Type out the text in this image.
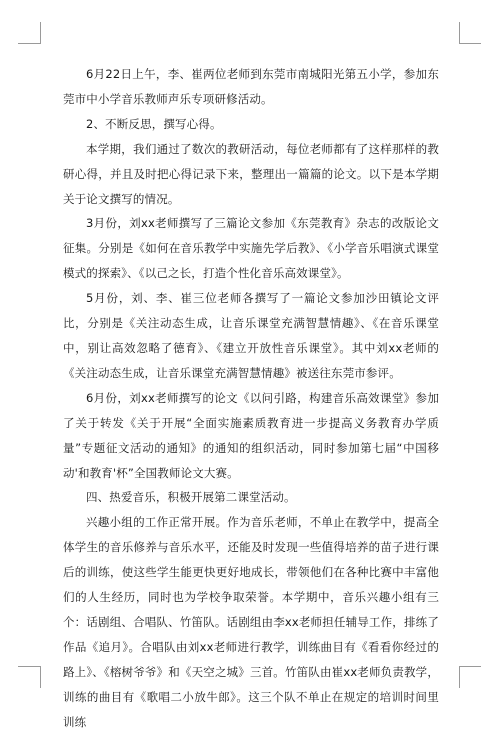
6月22日上午，李、崔两位老师到东莞市南城阳光第五小学，参加东莞市中小学音乐教师声乐专项研修活动。

2、不断反思，撰写心得。

本学期，我们通过了数次的教研活动，每位老师都有了这样那样的教研心得，并且及时把心得记录下来，整理出一篇篇的论文。以下是本学期关于论文撰写的情况。

3月份，刘xx老师撰写了三篇论文参加《东莞教育》杂志的改版论文征集。分别是《如何在音乐教学中实施先学后教》、《小学音乐唱演式课堂模式的探索》、《以己之长，打造个性化音乐高效课堂》。

5月份，刘、李、崔三位老师各撰写了一篇论文参加沙田镇论文评比，分别是《关注动态生成，让音乐课堂充满智慧情趣》、《在音乐课堂中，别让高效忽略了德育》、《建立开放性音乐课堂》。其中刘xx老师的《关注动态生成，让音乐课堂充满智慧情趣》被送往东莞市参评。

6月份，刘xx老师撰写的论文《以问引路，构建音乐高效课堂》参加了关于转发《关于开展“全面实施素质教育进一步提高义务教育办学质量”专题征文活动的通知》的通知的组织活动，同时参加第七届“中国移动'和教育'杯”全国教师论文大赛。

四、热爱音乐，积极开展第二课堂活动。

兴趣小组的工作正常开展。作为音乐老师，不单止在教学中，提高全体学生的音乐修养与音乐水平，还能及时发现一些值得培养的苗子进行课后的训练，使这些学生能更快更好地成长，带领他们在各种比赛中丰富他们的人生经历，同时也为学校争取荣誉。本学期中，音乐兴趣小组有三个：话剧组、合唱队、竹笛队。话剧组由李xx老师担任辅导工作，排练了作品《追月》。合唱队由刘xx老师进行教学，训练曲目有《看看你经过的路上》、《榕树爷爷》和《天空之城》三首。竹笛队由崔xx老师负责教学，训练的曲目有《歌唱二小放牛郎》。这三个队不单止在规定的培训时间里训练
